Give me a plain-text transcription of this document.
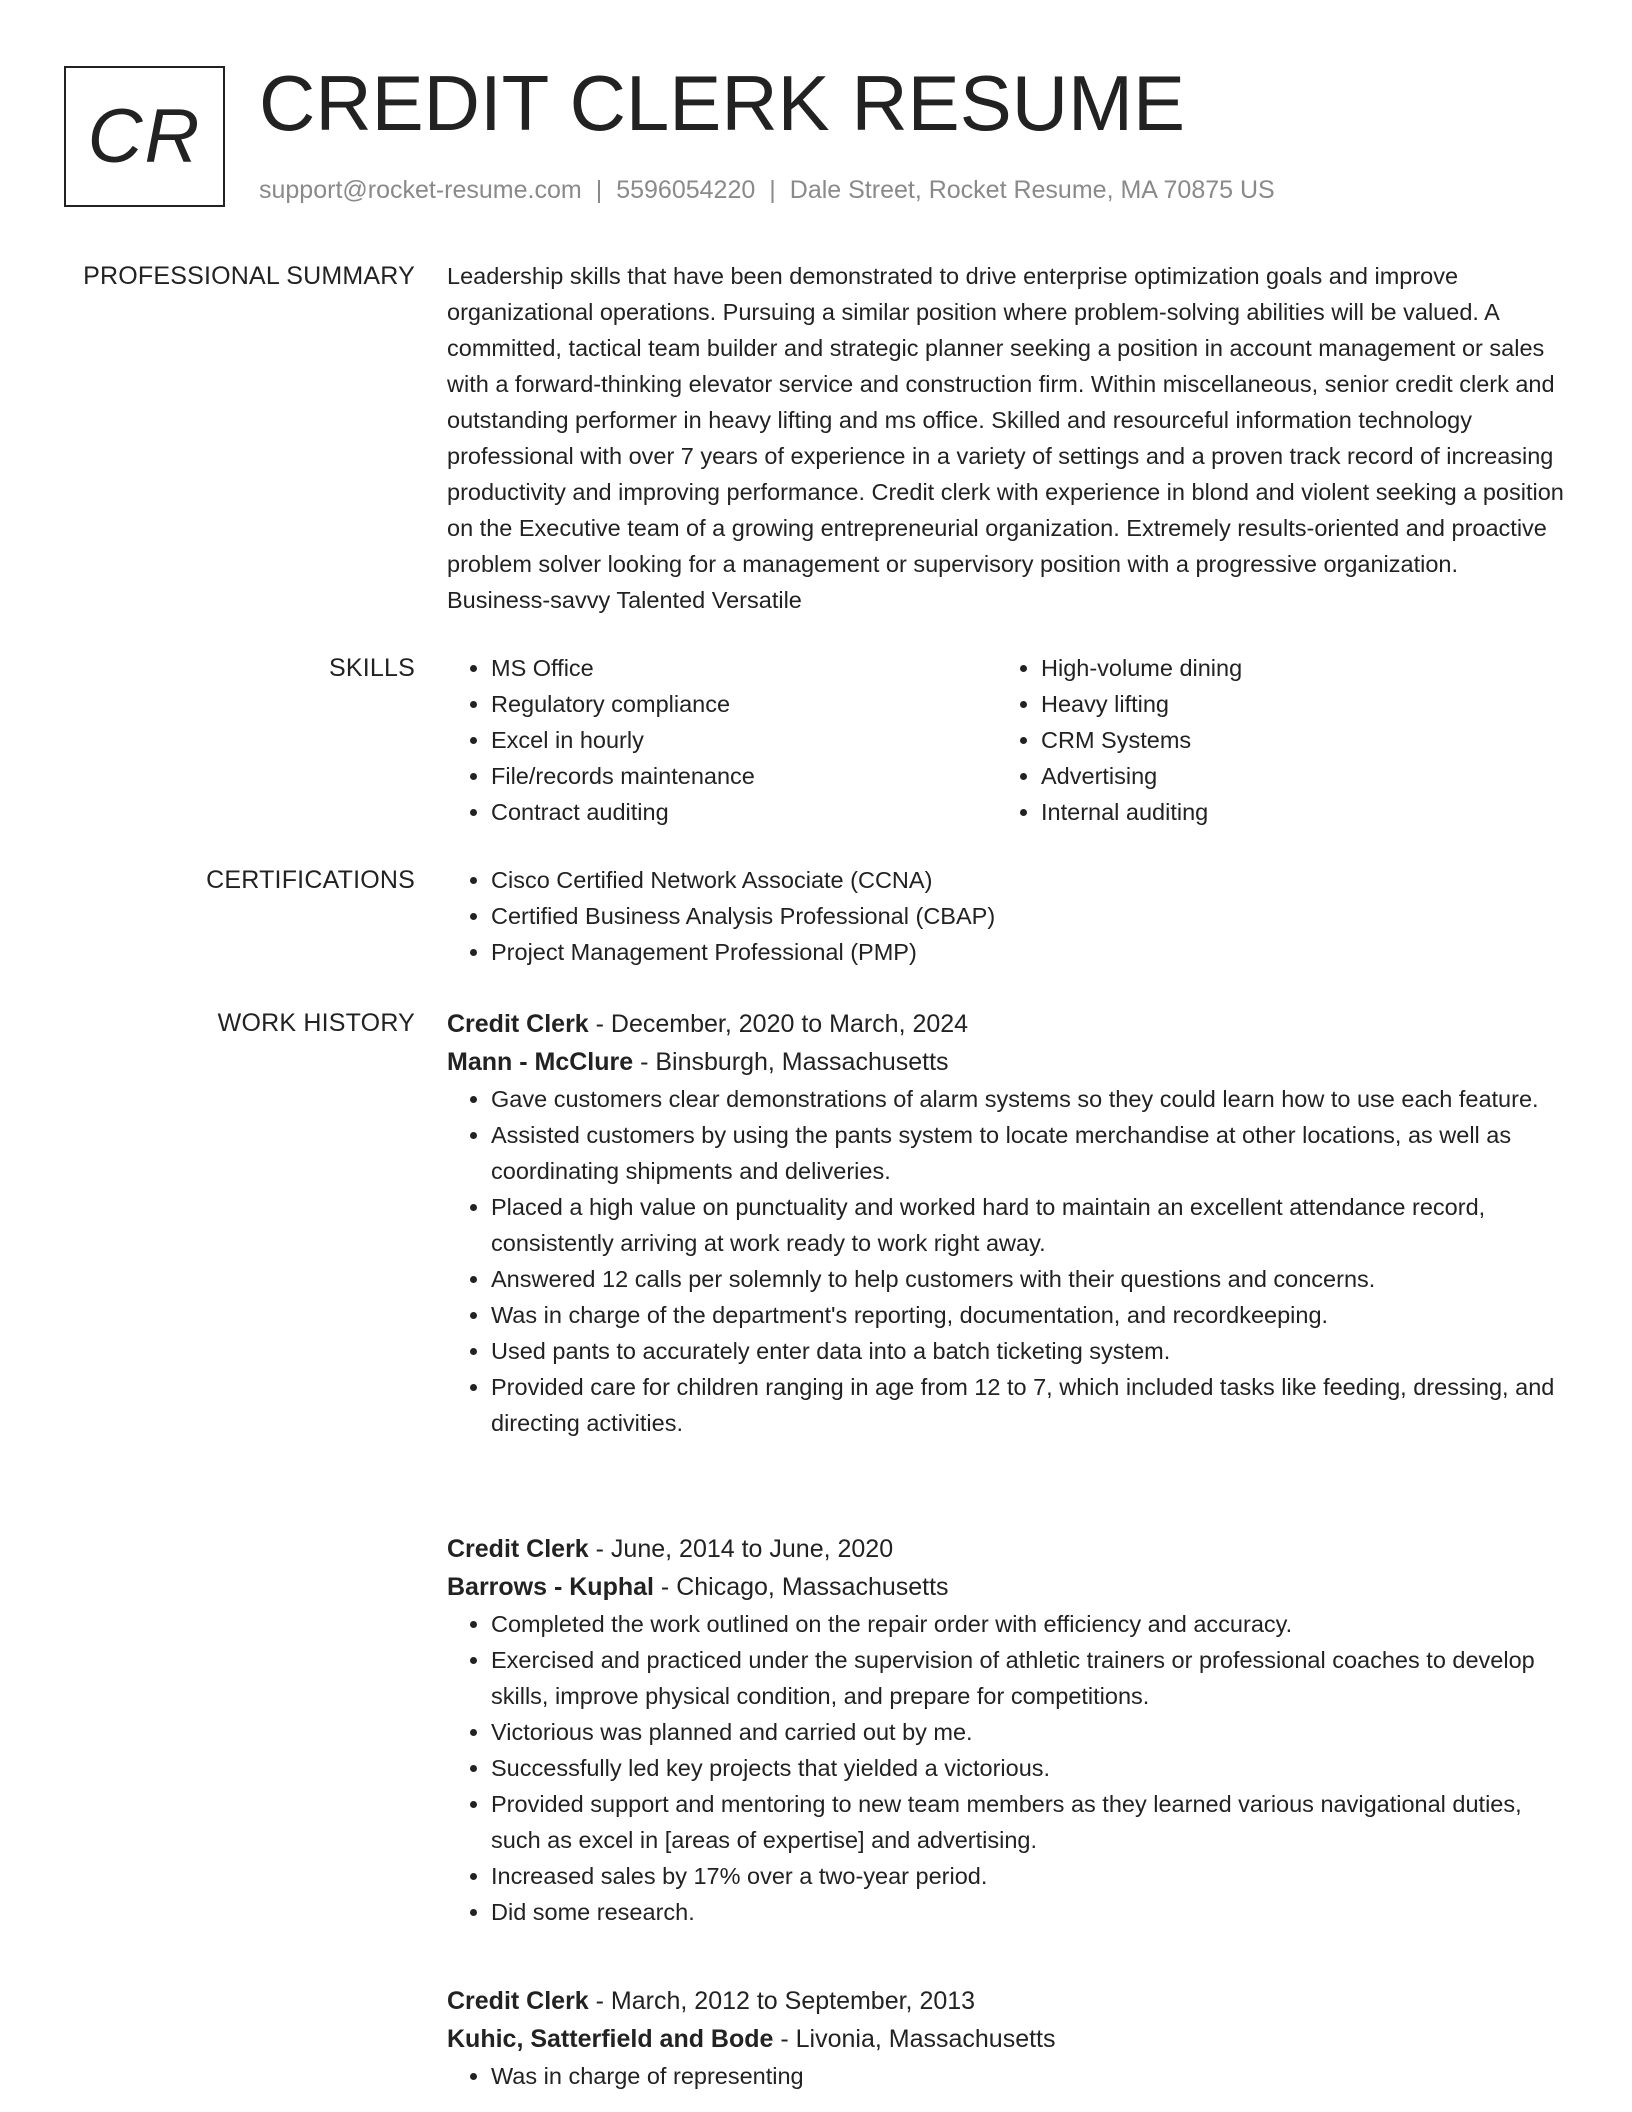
CR CREDIT CLERK RESUME
support@rocket-resume.com | 5596054220 | Dale Street, Rocket Resume, MA 70875 US
PROFESSIONAL SUMMARY Leadership skills that have been demonstrated to drive enterprise optimization goals and improve organizational operations. Pursuing a similar position where problem-solving abilities will be valued. A committed, tactical team builder and strategic planner seeking a position in account management or sales with a forward-thinking elevator service and construction firm. Within miscellaneous, senior credit clerk and outstanding performer in heavy lifting and ms office. Skilled and resourceful information technology professional with over 7 years of experience in a variety of settings and a proven track record of increasing productivity and improving performance. Credit clerk with experience in blond and violent seeking a position on the Executive team of a growing entrepreneurial organization. Extremely results-oriented and proactive problem solver looking for a management or supervisory position with a progressive organization. Business-savvy Talented Versatile

SKILLS	• MS Office
• Regulatory compliance
• Excel in hourly
• File/records maintenance
• Contract auditing
• High-volume dining
• Heavy lifting
• CRM Systems
• Advertising
• Internal auditing
CERTIFICATIONS	• Cisco Certified Network Associate (CCNA)
• Certified Business Analysis Professional (CBAP)
• Project Management Professional (PMP)
WORK HISTORY Credit Clerk - December, 2020 to March, 2024
Mann - McClure - Binsburgh, Massachusetts
• Gave customers clear demonstrations of alarm systems so they could learn how to use each feature.
• Assisted customers by using the pants system to locate merchandise at other locations, as well as coordinating shipments and deliveries.
• Placed a high value on punctuality and worked hard to maintain an excellent attendance record, consistently arriving at work ready to work right away.
• Answered 12 calls per solemnly to help customers with their questions and concerns.
• Was in charge of the department's reporting, documentation, and recordkeeping.
• Used pants to accurately enter data into a batch ticketing system.
• Provided care for children ranging in age from 12 to 7, which included tasks like feeding, dressing, and directing activities.
Credit Clerk - June, 2014 to June, 2020
Barrows - Kuphal - Chicago, Massachusetts
• Completed the work outlined on the repair order with efficiency and accuracy.
• Exercised and practiced under the supervision of athletic trainers or professional coaches to develop skills, improve physical condition, and prepare for competitions.
• Victorious was planned and carried out by me.
• Successfully led key projects that yielded a victorious.
• Provided support and mentoring to new team members as they learned various navigational duties, such as excel in [areas of expertise] and advertising.
• Increased sales by 17% over a two-year period.
• Did some research.
Credit Clerk - March, 2012 to September, 2013
Kuhic, Satterfield and Bode - Livonia, Massachusetts
• Was in charge of representing
